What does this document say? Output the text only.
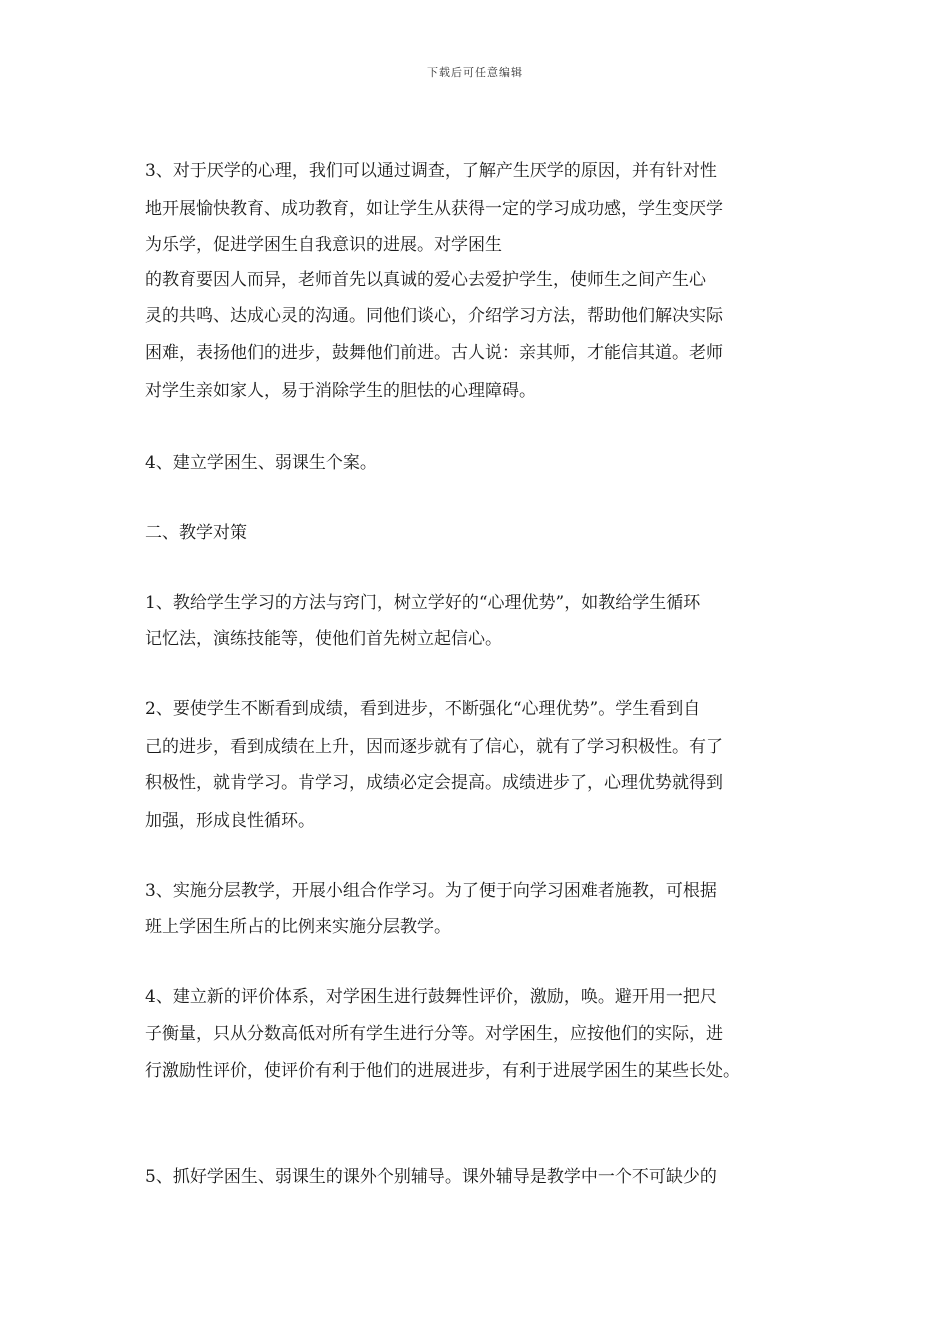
下载后可任意编辑
3、对于厌学的心理，我们可以通过调查，了解产生厌学的原因，并有针对性
地开展愉快教育、成功教育，如让学生从获得一定的学习成功感，学生变厌学
为乐学，促进学困生自我意识的进展。对学困生
的教育要因人而异，老师首先以真诚的爱心去爱护学生，使师生之间产生心
灵的共鸣、达成心灵的沟通。同他们谈心，介绍学习方法，帮助他们解决实际
困难，表扬他们的进步，鼓舞他们前进。古人说：亲其师，才能信其道。老师
对学生亲如家人，易于消除学生的胆怯的心理障碍。
4、建立学困生、弱课生个案。
二、教学对策
1、教给学生学习的方法与窍门，树立学好的“心理优势”，如教给学生循环
记忆法，演练技能等，使他们首先树立起信心。
2、要使学生不断看到成绩，看到进步，不断强化“心理优势”。学生看到自
己的进步，看到成绩在上升，因而逐步就有了信心，就有了学习积极性。有了
积极性，就肯学习。肯学习，成绩必定会提高。成绩进步了，心理优势就得到
加强，形成良性循环。
3、实施分层教学，开展小组合作学习。为了便于向学习困难者施教，可根据
班上学困生所占的比例来实施分层教学。
4、建立新的评价体系，对学困生进行鼓舞性评价，激励，唤。避开用一把尺
子衡量，只从分数高低对所有学生进行分等。对学困生，应按他们的实际，进
行激励性评价，使评价有利于他们的进展进步，有利于进展学困生的某些长处。
5、抓好学困生、弱课生的课外个别辅导。课外辅导是教学中一个不可缺少的
